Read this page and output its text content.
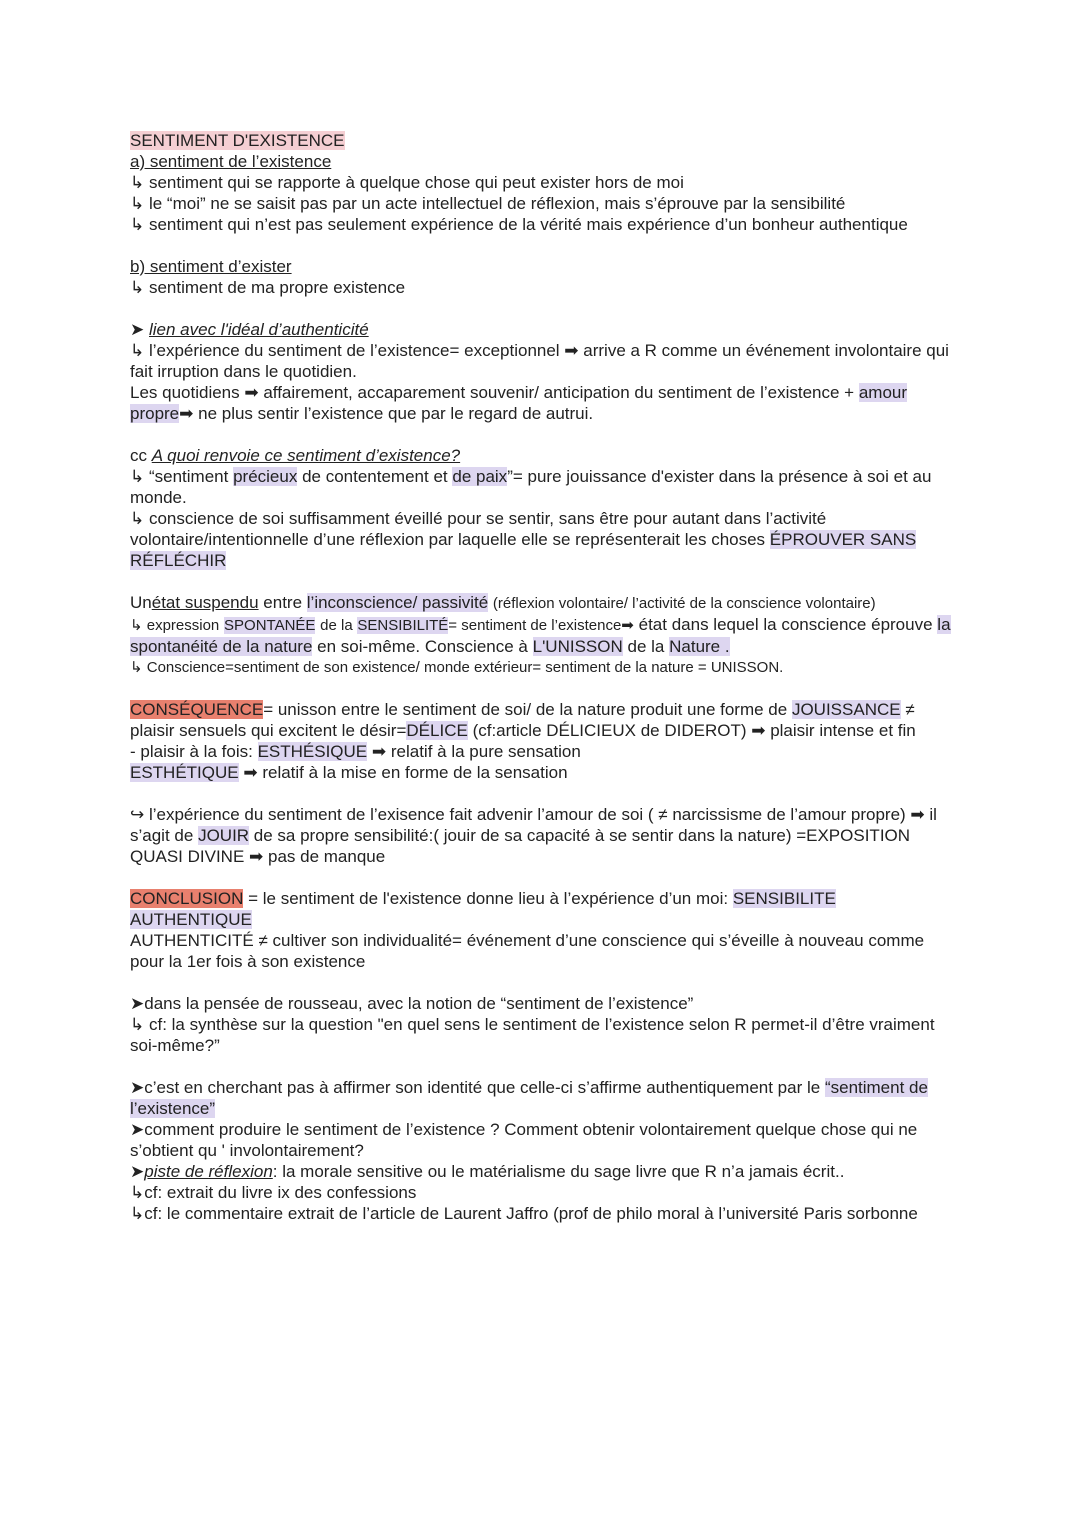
SENTIMENT D'EXISTENCE

a) sentiment de l’existence

↳ sentiment qui se rapporte à quelque chose qui peut exister hors de moi

↳ le “moi” ne se saisit pas par un acte intellectuel de réflexion, mais s’éprouve par la sensibilité

↳ sentiment qui n’est pas seulement expérience de la vérité mais expérience d’un bonheur authentique

b) sentiment d’exister

↳ sentiment de ma propre existence

➤ lien avec l'idéal d’authenticité

↳ l’expérience du sentiment de l’existence= exceptionnel ➡ arrive a R comme un événement involontaire qui fait irruption dans le quotidien.

Les quotidiens ➡ affairement, accaparement souvenir/ anticipation du sentiment de l’existence + amour propre➡ ne plus sentir l’existence que par le regard de autrui.

cc A quoi renvoie ce sentiment d’existence?

↳ “sentiment précieux de contentement et de paix”= pure jouissance d'exister dans la présence à soi et au monde.

↳ conscience de soi suffisamment éveillé pour se sentir, sans être pour autant dans l’activité volontaire/intentionnelle d’une réflexion par laquelle elle se représenterait les choses ÉPROUVER SANS RÉFLÉCHIR

Unétat suspendu entre l’inconscience/ passivité (réflexion volontaire/ l’activité de la conscience volontaire)

↳ expression SPONTANÉE de la SENSIBILITÉ= sentiment de l’existence➡ état dans lequel la conscience éprouve la spontanéité de la nature en soi-même. Conscience à L'UNISSON de la Nature .

↳ Conscience=sentiment de son existence/ monde extérieur= sentiment de la nature = UNISSON.

CONSÉQUENCE= unisson entre le sentiment de soi/ de la nature produit une forme de JOUISSANCE ≠ plaisir sensuels qui excitent le désir=DÉLICE (cf:article DÉLICIEUX de DIDEROT) ➡ plaisir intense et fin

- plaisir à la fois: ESTHÉSIQUE ➡ relatif à la pure sensation

ESTHÉTIQUE ➡ relatif à la mise en forme de la sensation

↪ l’expérience du sentiment de l’exisence fait advenir l’amour de soi ( ≠ narcissisme de l’amour propre) ➡ il s’agit de JOUIR de sa propre sensibilité:( jouir de sa capacité à se sentir dans la nature) =EXPOSITION QUASI DIVINE ➡ pas de manque

CONCLUSION = le sentiment de l'existence donne lieu à l’expérience d’un moi: SENSIBILITE AUTHENTIQUE

AUTHENTICITÉ ≠ cultiver son individualité= événement d’une conscience qui s’éveille à nouveau comme pour la 1er fois à son existence

➤dans la pensée de rousseau, avec la notion de “sentiment de l’existence”

↳ cf: la synthèse sur la question "en quel sens le sentiment de l’existence selon R permet-il d’être vraiment soi-même?”

➤c’est en cherchant pas à affirmer son identité que celle-ci s’affirme authentiquement par le “sentiment de l’existence”

➤comment produire le sentiment de l’existence ? Comment obtenir volontairement quelque chose qui ne s’obtient qu ' involontairement?

➤piste de réflexion: la morale sensitive ou le matérialisme du sage livre que R n’a jamais écrit..

↳cf: extrait du livre ix des confessions

↳cf: le commentaire extrait de l’article de Laurent Jaffro (prof de philo moral à l’université Paris sorbonne
